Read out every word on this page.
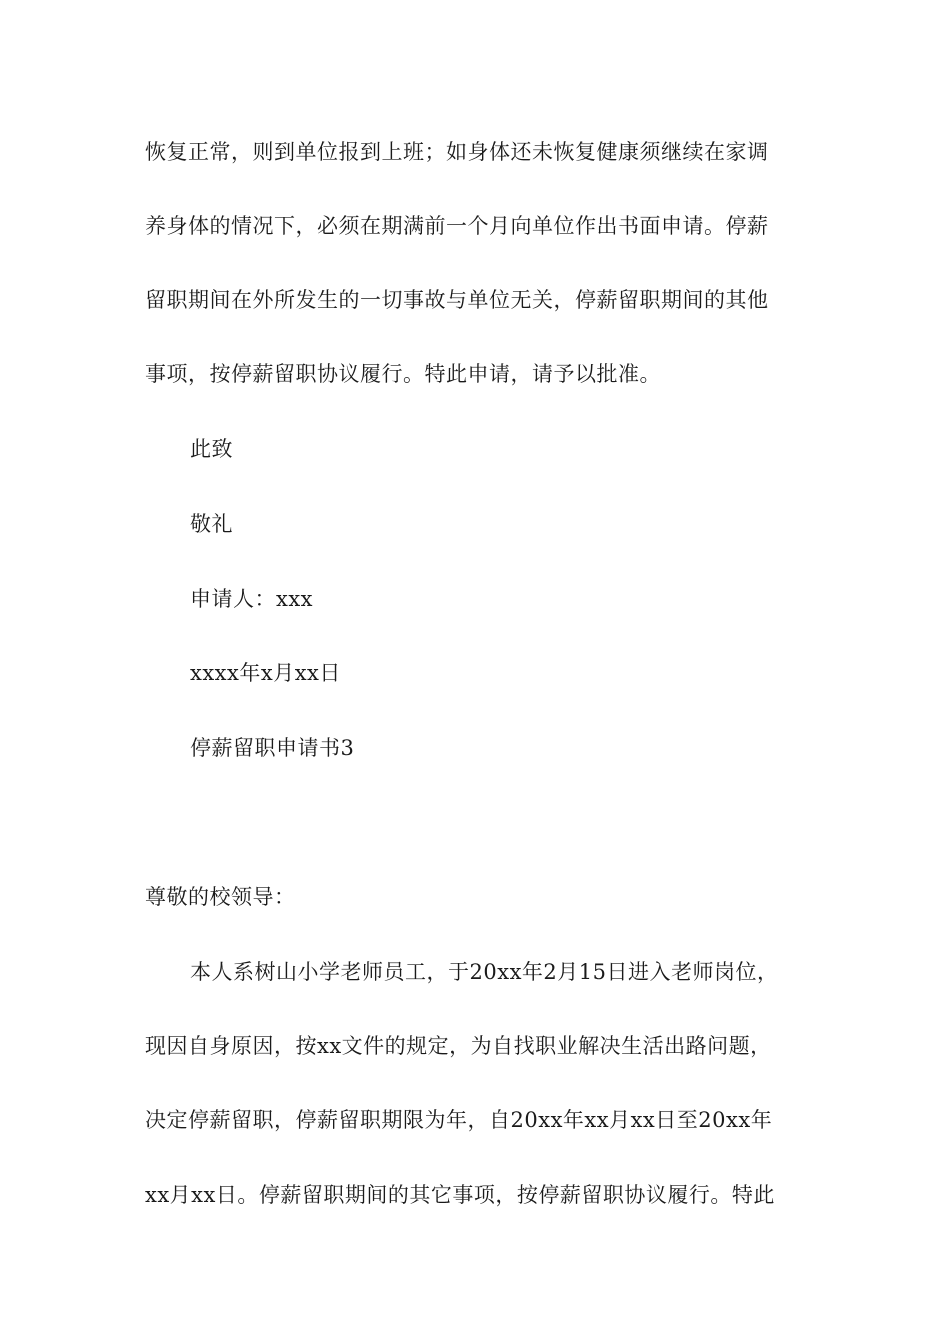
恢复正常，则到单位报到上班；如身体还未恢复健康须继续在家调
养身体的情况下，必须在期满前一个月向单位作出书面申请。停薪
留职期间在外所发生的一切事故与单位无关，停薪留职期间的其他
事项，按停薪留职协议履行。特此申请，请予以批准。
此致
敬礼
申请人：xxx
xxxx年x月xx日
停薪留职申请书3
尊敬的校领导：
本人系树山小学老师员工，于20xx年2月15日进入老师岗位，
现因自身原因，按xx文件的规定，为自找职业解决生活出路问题，
决定停薪留职，停薪留职期限为年，自20xx年xx月xx日至20xx年
xx月xx日。停薪留职期间的其它事项，按停薪留职协议履行。特此
